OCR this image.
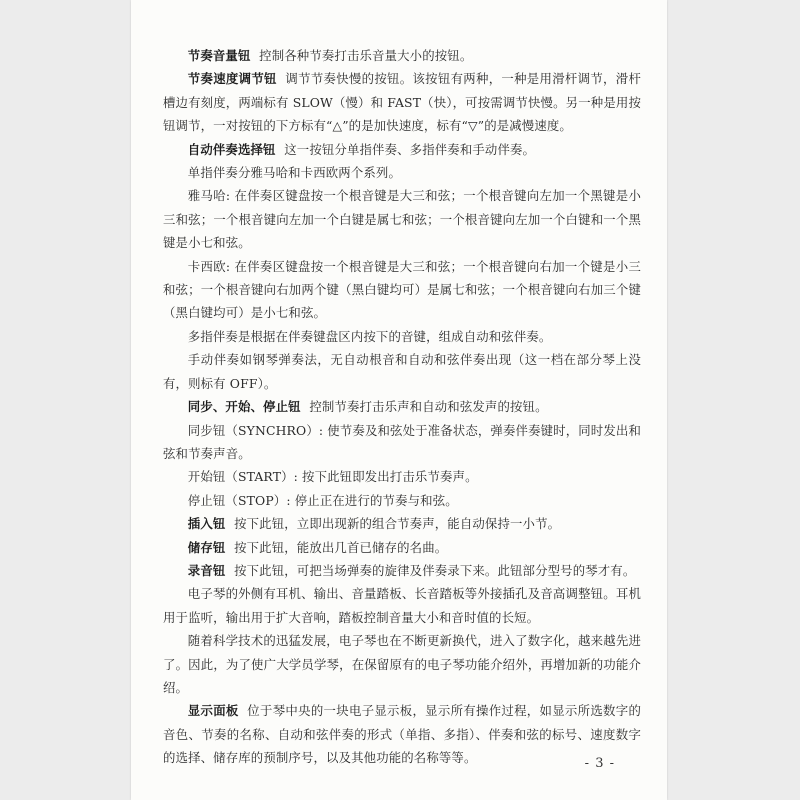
节奏音量钮 控制各种节奏打击乐音量大小的按钮。

节奏速度调节钮 调节节奏快慢的按钮。该按钮有两种，一种是用滑杆调节，滑杆槽边有刻度，两端标有 SLOW（慢）和 FAST（快），可按需调节快慢。另一种是用按钮调节，一对按钮的下方标有“△”的是加快速度，标有“▽”的是减慢速度。

自动伴奏选择钮 这一按钮分单指伴奏、多指伴奏和手动伴奏。

单指伴奏分雅马哈和卡西欧两个系列。

雅马哈: 在伴奏区键盘按一个根音键是大三和弦；一个根音键向左加一个黑键是小三和弦；一个根音键向左加一个白键是属七和弦；一个根音键向左加一个白键和一个黑键是小七和弦。

卡西欧: 在伴奏区键盘按一个根音键是大三和弦；一个根音键向右加一个键是小三和弦；一个根音键向右加两个键（黑白键均可）是属七和弦；一个根音键向右加三个键（黑白键均可）是小七和弦。

多指伴奏是根据在伴奏键盘区内按下的音键，组成自动和弦伴奏。

手动伴奏如钢琴弹奏法，无自动根音和自动和弦伴奏出现（这一档在部分琴上没有，则标有 OFF）。

同步、开始、停止钮 控制节奏打击乐声和自动和弦发声的按钮。

同步钮（SYNCHRO）: 使节奏及和弦处于准备状态，弹奏伴奏键时，同时发出和弦和节奏声音。

开始钮（START）: 按下此钮即发出打击乐节奏声。

停止钮（STOP）: 停止正在进行的节奏与和弦。

插入钮 按下此钮，立即出现新的组合节奏声，能自动保持一小节。

储存钮 按下此钮，能放出几首已储存的名曲。

录音钮 按下此钮，可把当场弹奏的旋律及伴奏录下来。此钮部分型号的琴才有。

电子琴的外侧有耳机、输出、音量踏板、长音踏板等外接插孔及音高调整钮。耳机用于监听，输出用于扩大音响，踏板控制音量大小和音时值的长短。

随着科学技术的迅猛发展，电子琴也在不断更新换代，进入了数字化，越来越先进了。因此，为了使广大学员学琴，在保留原有的电子琴功能介绍外，再增加新的功能介绍。

显示面板 位于琴中央的一块电子显示板，显示所有操作过程，如显示所选数字的音色、节奏的名称、自动和弦伴奏的形式（单指、多指）、伴奏和弦的标号、速度数字的选择、储存库的预制序号，以及其他功能的名称等等。	- 3 -
